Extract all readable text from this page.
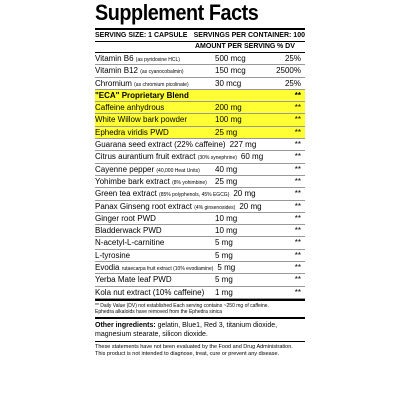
Supplement Facts
SERVING SIZE: 1 CAPSULE SERVINGS PER CONTAINER: 100
AMOUNT PER SERVING % DV
Vitamin B6 (as pyridoxine HCL)	500 mcg	25%
Vitamin B12 (as cyanocobalmin)	150 mcg	2500%
Chromium (as chromium picolinate)	30 mcg	25%
"ECA" Proprietary Blend	**
Caffeine anhydrous	200 mg	**
White Willow bark powder	100 mg	**
Ephedra viridis PWD	25 mg	**
Guarana seed extract (22% caffeine) 227 mg	**
Citrus aurantium fruit extract (30% synephrine) 60 mg	**
Cayenne pepper (40,000 Heat Units)	40 mg	**
Yohimbe bark extract (8% yohimbine)	25 mg	**
Green tea extract (85% polyphenols, 45% EGCG) 20 mg	**
Panax Ginseng root extract (4% ginsenosides) 20 mg	**
Ginger root PWD	10 mg	**
Bladderwack PWD	10 mg	**
N-acetyl-L-carnitine	5 mg	**
L-tyrosine	5 mg	**
Evodia rutaecarpa fruit extract (10% evodiamine) 5 mg	**
Yerba Mate leaf PWD	5 mg	**
Kola nut extract (10% caffeine)	1 mg	**
** Daily Value (DV) not established Each serving contains ~250 mg of caffeine.
Ephedra alkaloids have removed from the Ephedra sinica
Other ingredients: gelatin, Blue1, Red 3, titanium dioxide, magnesium stearate, silicon dioxide.
These statements have not been evaluated by the Food and Drug Administration.
This product is not intended to diagnose, treat, cure or prevent any disease.
